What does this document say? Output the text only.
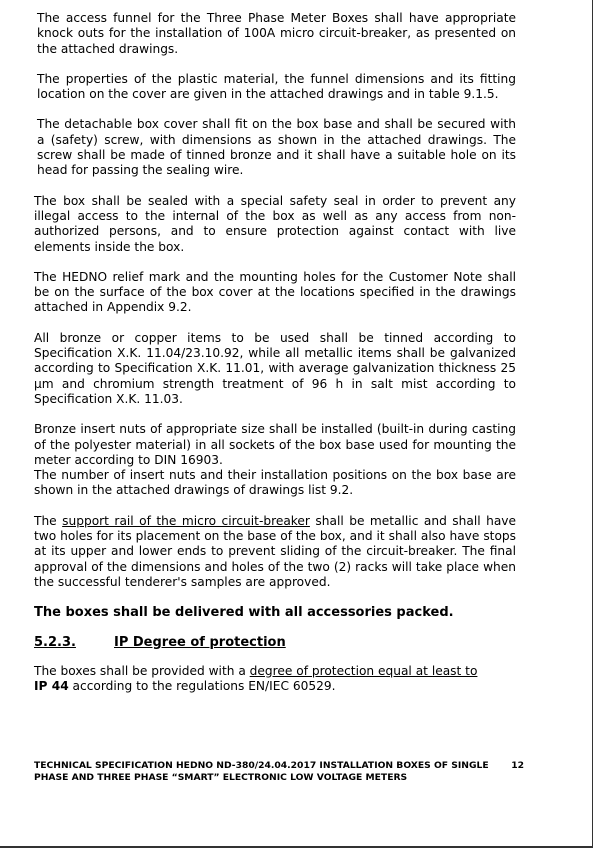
The access funnel for the Three Phase Meter Boxes shall have appropriate knock outs for the installation of 100A micro circuit-breaker, as presented on the attached drawings.

The properties of the plastic material, the funnel dimensions and its fitting location on the cover are given in the attached drawings and in table 9.1.5.

The detachable box cover shall fit on the box base and shall be secured with a (safety) screw, with dimensions as shown in the attached drawings. The screw shall be made of tinned bronze and it shall have a suitable hole on its head for passing the sealing wire.

The box shall be sealed with a special safety seal in order to prevent any illegal access to the internal of the box as well as any access from non-authorized persons, and to ensure protection against contact with live elements inside the box.

The HEDNO relief mark and the mounting holes for the Customer Note shall be on the surface of the box cover at the locations specified in the drawings attached in Appendix 9.2.

All bronze or copper items to be used shall be tinned according to Specification X.K. 11.04/23.10.92, while all metallic items shall be galvanized according to Specification X.K. 11.01, with average galvanization thickness 25 μm and chromium strength treatment of 96 h in salt mist according to Specification X.K. 11.03.

Bronze insert nuts of appropriate size shall be installed (built-in during casting of the polyester material) in all sockets of the box base used for mounting the meter according to DIN 16903.

The number of insert nuts and their installation positions on the box base are shown in the attached drawings of drawings list 9.2.

The support rail of the micro circuit-breaker shall be metallic and shall have two holes for its placement on the base of the box, and it shall also have stops at its upper and lower ends to prevent sliding of the circuit-breaker. The final approval of the dimensions and holes of the two (2) racks will take place when the successful tenderer's samples are approved.

The boxes shall be delivered with all accessories packed.
5.2.3.	IP Degree of protection

The boxes shall be provided with a degree of protection equal at least to
IP 44 according to the regulations EN/IEC 60529.

TECHNICAL SPECIFICATION HEDNO ND-380/24.04.2017 INSTALLATION BOXES OF SINGLE
PHASE AND THREE PHASE “SMART” ELECTRONIC LOW VOLTAGE METERS
12
